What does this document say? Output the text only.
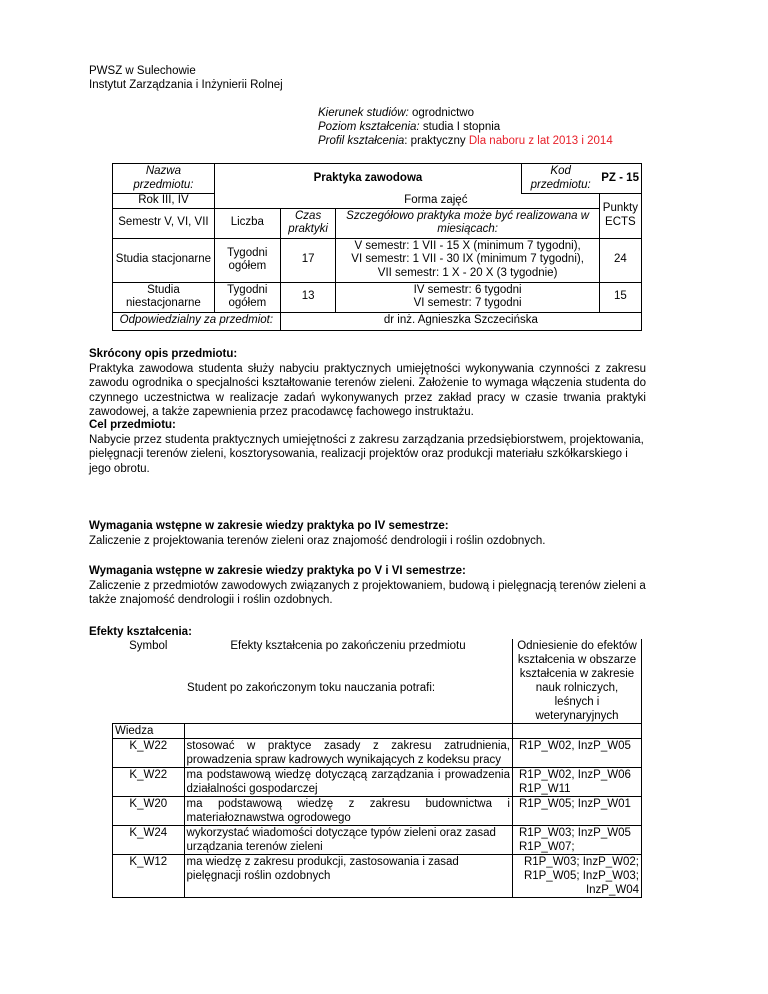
PWSZ w Sulechowie
Instytut Zarządzania i Inżynierii Rolnej
Kierunek studiów: ogrodnictwo
Poziom kształcenia: studia I stopnia
Profil kształcenia: praktyczny Dla naboru z lat 2013 i 2014
Nazwa przedmiotu:	Praktyka zawodowa			Kod przedmiotu:	PZ - 15
Rok III, IV	Forma zajęć				Punkty ECTS
Semestr V, VI, VII	Liczba	Czas praktyki	Szczegółowo praktyka może być realizowana w miesiącach:		
Studia stacjonarne	Tygodni ogółem	17	V semestr: 1 VII - 15 X (minimum 7 tygodni),
VI semestr: 1 VII - 30 IX (minimum 7 tygodni),
VII semestr: 1 X - 20 X (3 tygodnie)		24
Studia niestacjonarne	Tygodni ogółem	13	IV semestr: 6 tygodni
VI semestr: 7 tygodni		15
Odpowiedzialny za przedmiot:		dr inż. Agnieszka Szczecińska			
Skrócony opis przedmiotu:
Praktyka zawodowa studenta służy nabyciu praktycznych umiejętności wykonywania czynności z zakresu zawodu ogrodnika o specjalności kształtowanie terenów zieleni. Założenie to wymaga włączenia studenta do czynnego uczestnictwa w realizacje zadań wykonywanych przez zakład pracy w czasie trwania praktyki zawodowej, a także zapewnienia przez pracodawcę fachowego instruktażu.
Cel przedmiotu:
Nabycie przez studenta praktycznych umiejętności z zakresu zarządzania przedsiębiorstwem, projektowania, pielęgnacji terenów zieleni, kosztorysowania, realizacji projektów oraz produkcji materiału szkółkarskiego i jego obrotu.
Wymagania wstępne w zakresie wiedzy praktyka po IV semestrze:
Zaliczenie z projektowania terenów zieleni oraz znajomość dendrologii i roślin ozdobnych.
Wymagania wstępne w zakresie wiedzy praktyka po V i VI semestrze:
Zaliczenie z przedmiotów zawodowych związanych z projektowaniem, budową i pielęgnacją terenów zieleni a także znajomość dendrologii i roślin ozdobnych.
Efekty kształcenia:
Symbol	Efekty kształcenia po zakończeniu przedmiotu
Student po zakończonym toku nauczania potrafi:	Odniesienie do efektów kształcenia w obszarze kształcenia w zakresie nauk rolniczych, leśnych i weterynaryjnych
Wiedza		
K_W22	stosować w praktyce zasady z zakresu zatrudnienia, prowadzenia spraw kadrowych wynikających z kodeksu pracy	R1P_W02, InzP_W05
K_W22	ma podstawową wiedzę dotyczącą zarządzania i prowadzenia działalności gospodarczej	R1P_W02, InzP_W06 R1P_W11
K_W20	ma podstawową wiedzę z zakresu budownictwa i materiałoznawstwa ogrodowego	R1P_W05; InzP_W01
K_W24	wykorzystać wiadomości dotyczące typów zieleni oraz zasad urządzania terenów zieleni	R1P_W03; InzP_W05 R1P_W07;
K_W12	ma wiedzę z zakresu produkcji, zastosowania i zasad pielęgnacji roślin ozdobnych	R1P_W03; InzP_W02; R1P_W05; InzP_W03; InzP_W04
